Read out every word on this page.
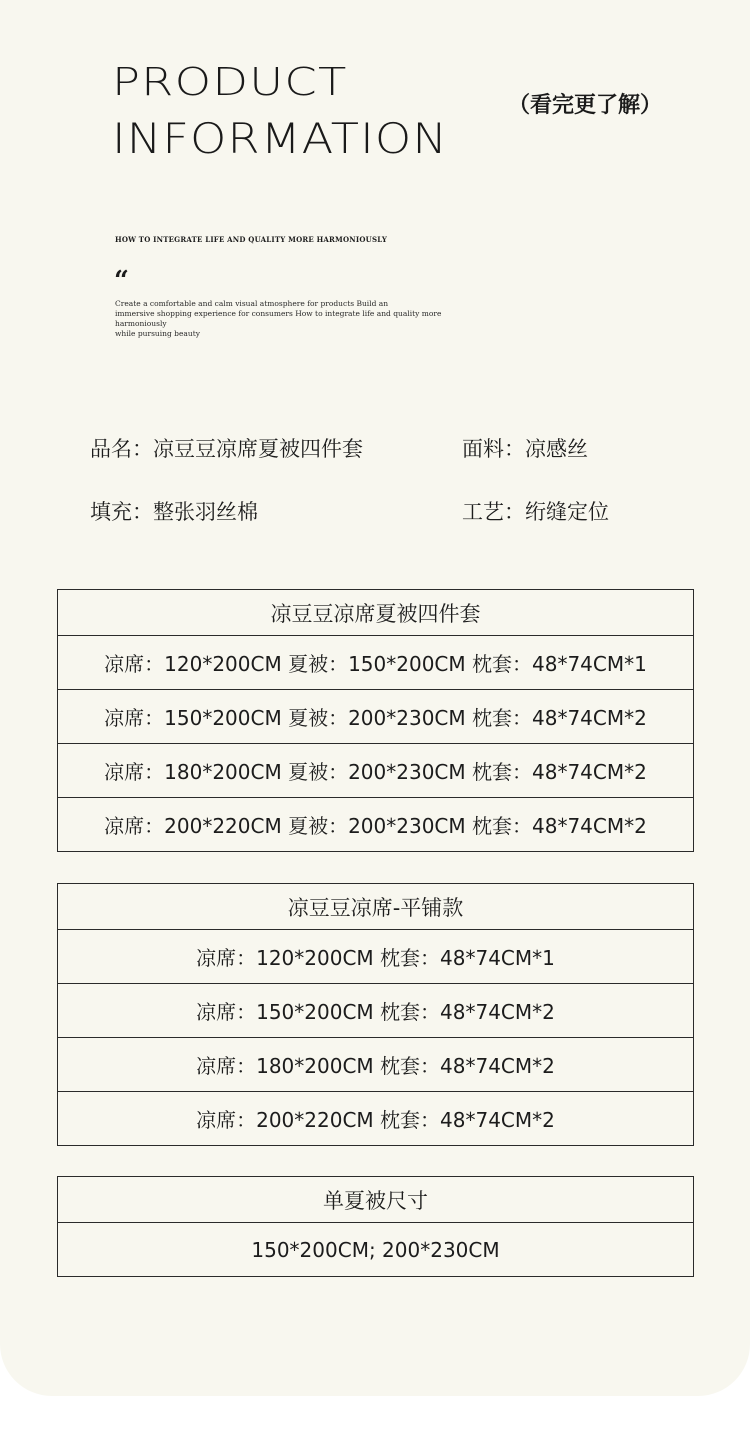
PRODUCT
INFORMATION
（看完更了解）
HOW TO INTEGRATE LIFE AND QUALITY MORE HARMONIOUSLY
“
Create a comfortable and calm visual atmosphere for products Build an
immersive shopping experience for consumers How to integrate life and quality more harmoniously
while pursuing beauty
品名：凉豆豆凉席夏被四件套	面料：凉感丝
填充：整张羽丝棉	工艺：绗缝定位
凉豆豆凉席夏被四件套
凉席：120*200CM 夏被：150*200CM 枕套：48*74CM*1
凉席：150*200CM 夏被：200*230CM 枕套：48*74CM*2
凉席：180*200CM 夏被：200*230CM 枕套：48*74CM*2
凉席：200*220CM 夏被：200*230CM 枕套：48*74CM*2
凉豆豆凉席-平铺款
凉席：120*200CM 枕套：48*74CM*1
凉席：150*200CM 枕套：48*74CM*2
凉席：180*200CM 枕套：48*74CM*2
凉席：200*220CM 枕套：48*74CM*2
单夏被尺寸
150*200CM; 200*230CM
